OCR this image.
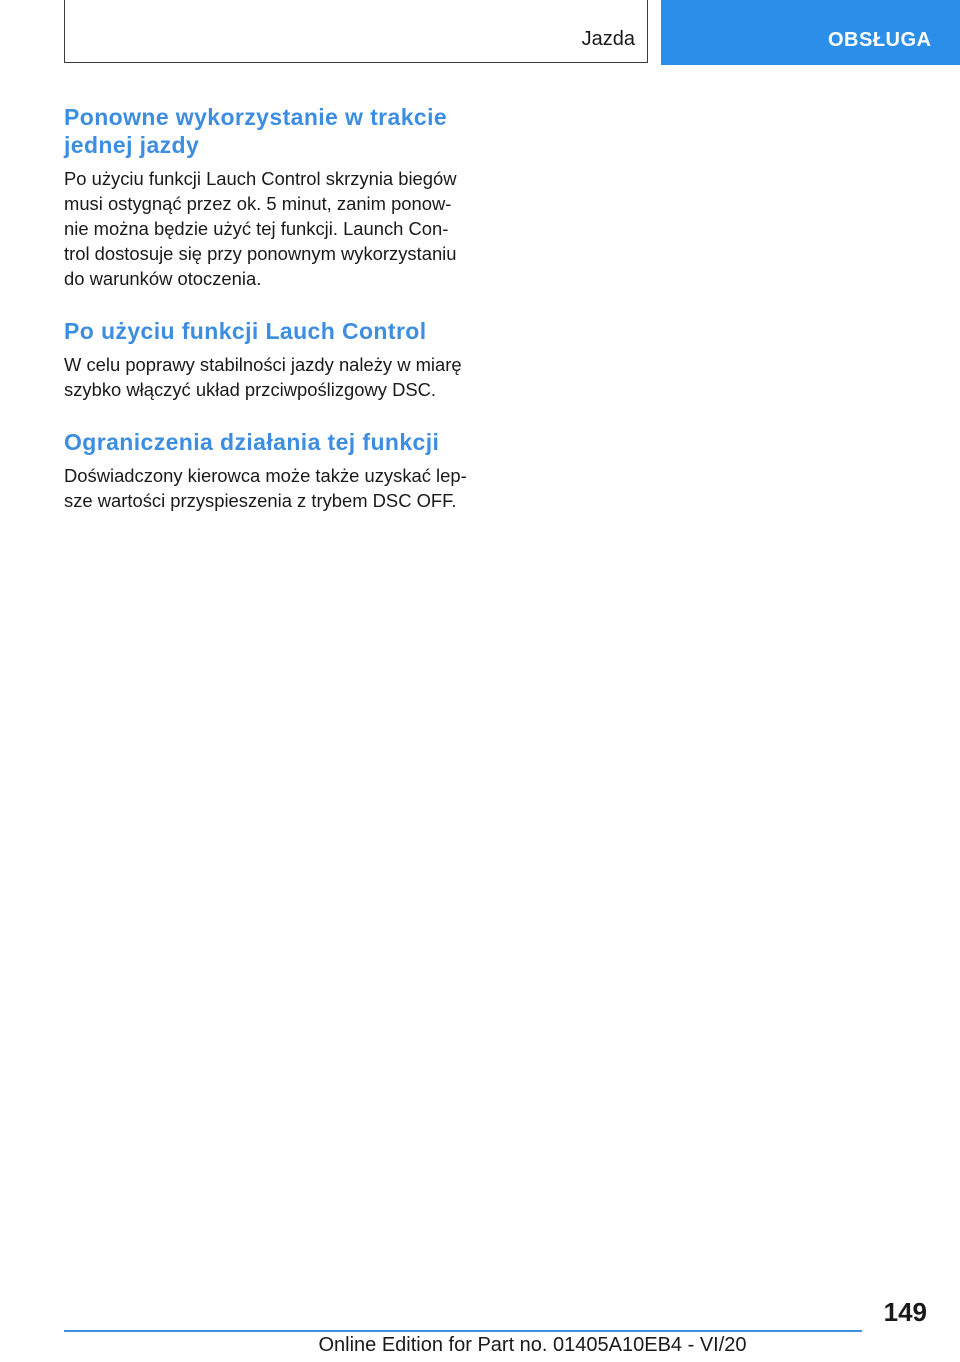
Jazda	OBSŁUGA
Ponowne wykorzystanie w trakcie
jednej jazdy

Po użyciu funkcji Lauch Control skrzynia biegów
musi ostygnąć przez ok. 5 minut, zanim ponow-
nie można będzie użyć tej funkcji. Launch Con-
trol dostosuje się przy ponownym wykorzystaniu
do warunków otoczenia.

Po użyciu funkcji Lauch Control

W celu poprawy stabilności jazdy należy w miarę
szybko włączyć układ przciwpoślizgowy DSC.

Ograniczenia działania tej funkcji

Doświadczony kierowca może także uzyskać lep-
sze wartości przyspieszenia z trybem DSC OFF.

149
Online Edition for Part no. 01405A10EB4 - VI/20
